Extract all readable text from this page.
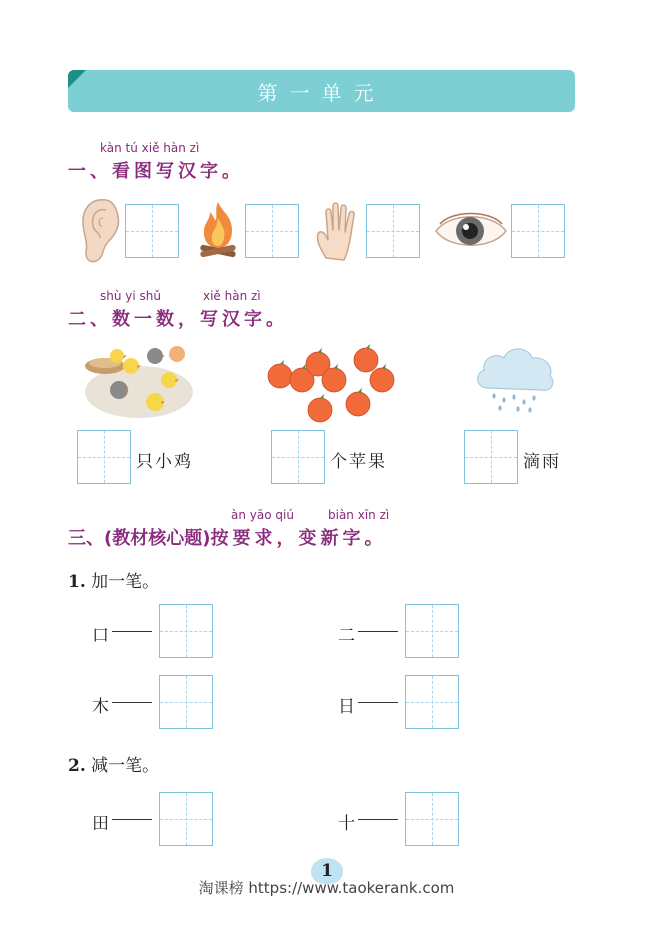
第一单元
kàn tú xiě hàn zì
一、看图写汉字。
shù yi shǔ	xiě hàn zì
二、数一数，写汉字。
只小鸡	个苹果	滴雨
àn yāo qiú	biàn xīn zì
三、(教材核心题)按要求，变新字。
1. 加一笔。
口	二
木	日
2. 减一笔。
田	十
1
淘课榜 https://www.taokerank.com
